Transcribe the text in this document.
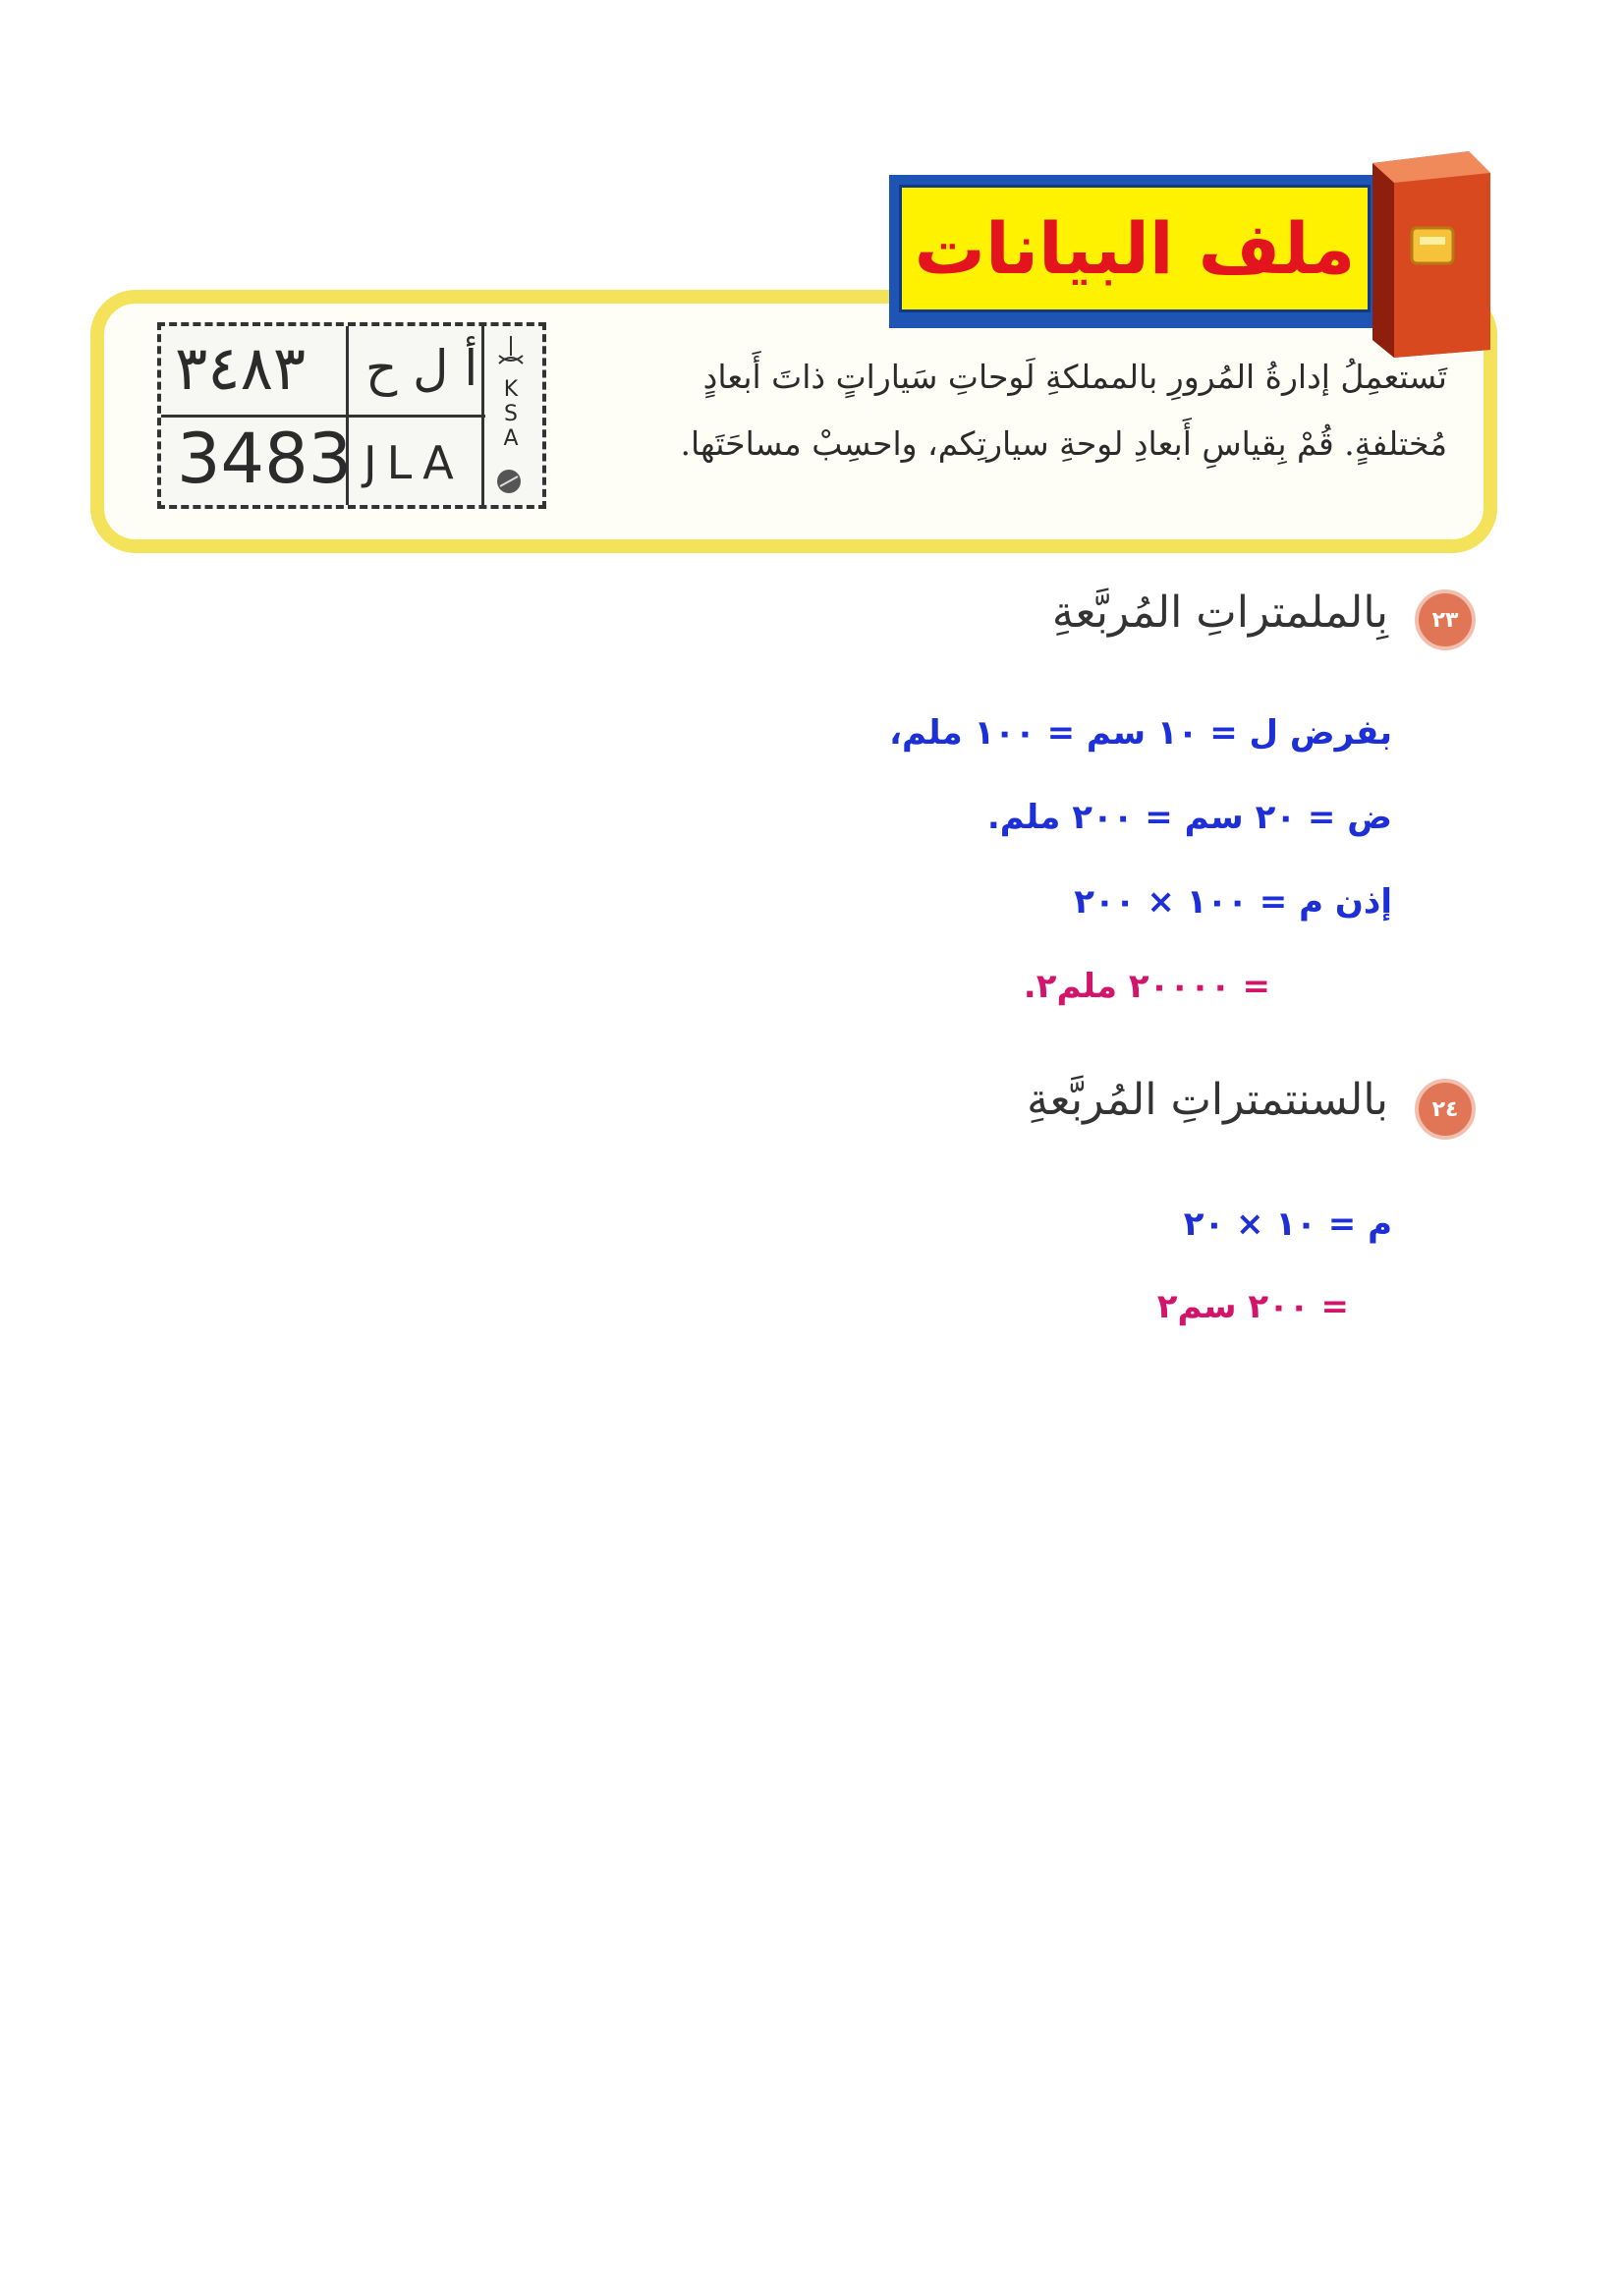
ملف البيانات
تَستعمِلُ إدارةُ المُرورِ بالمملكةِ لَوحاتِ سَياراتٍ ذاتَ أَبعادٍ
مُختلفةٍ. قُمْ بِقياسِ أَبعادِ لوحةِ سيارتِكم، واحسِبْ مساحَتَها.
٣٤٨٣ أ ل ح
3483 JLA
KSA
٢٣
بِالملمتراتِ المُربَّعةِ
بفرض ل = ١٠ سم = ١٠٠ ملم،
ض = ٢٠ سم = ٢٠٠ ملم.
إذن م = ١٠٠ × ٢٠٠
= ٢٠٠٠٠ ملم٢.
٢٤
بالسنتمتراتِ المُربَّعةِ
م = ١٠ × ٢٠
= ٢٠٠ سم٢
